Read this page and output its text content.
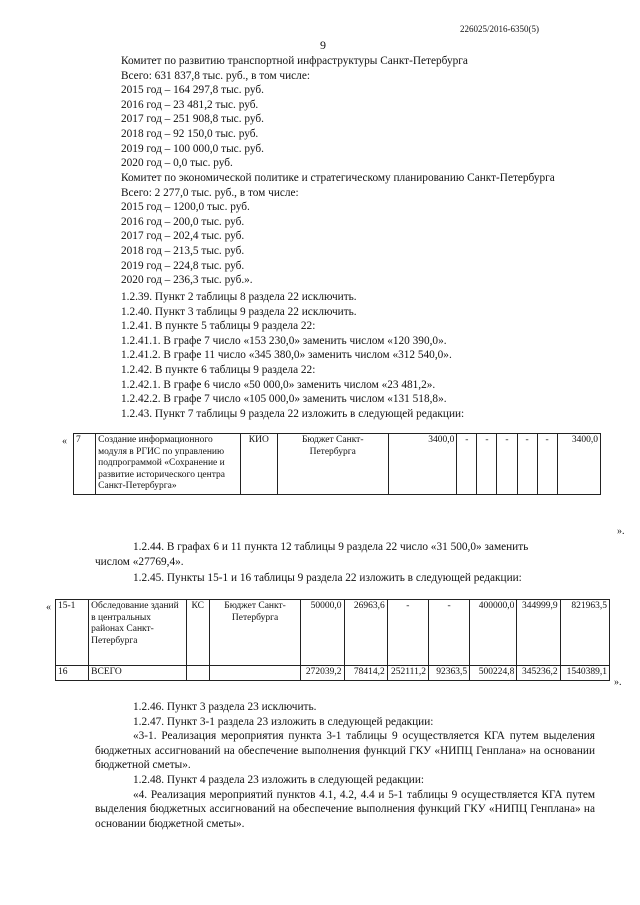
226025/2016-6350(5)
9
Комитет по развитию транспортной инфраструктуры Санкт-Петербурга
Всего: 631 837,8 тыс. руб., в том числе:
2015 год – 164 297,8 тыс. руб.
2016 год – 23 481,2 тыс. руб.
2017 год – 251 908,8 тыс. руб.
2018 год – 92 150,0 тыс. руб.
2019 год – 100 000,0 тыс. руб.
2020 год – 0,0 тыс. руб.
Комитет по экономической политике и стратегическому планированию Санкт-Петербурга
Всего: 2 277,0 тыс. руб., в том числе:
2015 год – 1200,0 тыс. руб.
2016 год – 200,0 тыс. руб.
2017 год – 202,4 тыс. руб.
2018 год – 213,5 тыс. руб.
2019 год – 224,8 тыс. руб.
2020 год – 236,3 тыс. руб.».
1.2.39. Пункт 2 таблицы 8 раздела 22 исключить.
1.2.40. Пункт 3 таблицы 9 раздела 22 исключить.
1.2.41. В пункте 5 таблицы 9 раздела 22:
1.2.41.1. В графе 7 число «153 230,0» заменить числом «120 390,0».
1.2.41.2. В графе 11 число «345 380,0» заменить числом «312 540,0».
1.2.42. В пункте 6 таблицы 9 раздела 22:
1.2.42.1. В графе 6 число «50 000,0» заменить числом «23 481,2».
1.2.42.2. В графе 7 число «105 000,0» заменить числом «131 518,8».
1.2.43. Пункт 7 таблицы 9 раздела 22 изложить в следующей редакции:
« 7	Создание информационного модуля в РГИС по управлению подпрограммой «Сохранение и развитие исторического центра Санкт-Петербурга»	КИО	Бюджет Санкт-Петербурга	3400,0	-	-	-	-	-	3400,0
».
1.2.44. В графах 6 и 11 пункта 12 таблицы 9 раздела 22 число «31 500,0» заменить
числом «27769,4».
1.2.45. Пункты 15-1 и 16 таблицы 9 раздела 22 изложить в следующей редакции:
« 15-1	Обследование зданий в центральных районах Санкт-Петербурга	КС	Бюджет Санкт-Петербурга	50000,0	26963,6	-	-	400000,0	344999,9	821963,5
16	ВСЕГО			272039,2	78414,2	252111,2	92363,5	500224,8	345236,2	1540389,1
».
1.2.46. Пункт 3 раздела 23 исключить.
1.2.47. Пункт 3-1 раздела 23 изложить в следующей редакции:
«3-1. Реализация мероприятия пункта 3-1 таблицы 9 осуществляется КГА путем выделения бюджетных ассигнований на обеспечение выполнения функций ГКУ «НИПЦ Генплана» на основании бюджетной сметы».
1.2.48. Пункт 4 раздела 23 изложить в следующей редакции:
«4. Реализация мероприятий пунктов 4.1, 4.2, 4.4 и 5-1 таблицы 9 осуществляется КГА путем выделения бюджетных ассигнований на обеспечение выполнения функций ГКУ «НИПЦ Генплана» на основании бюджетной сметы».
